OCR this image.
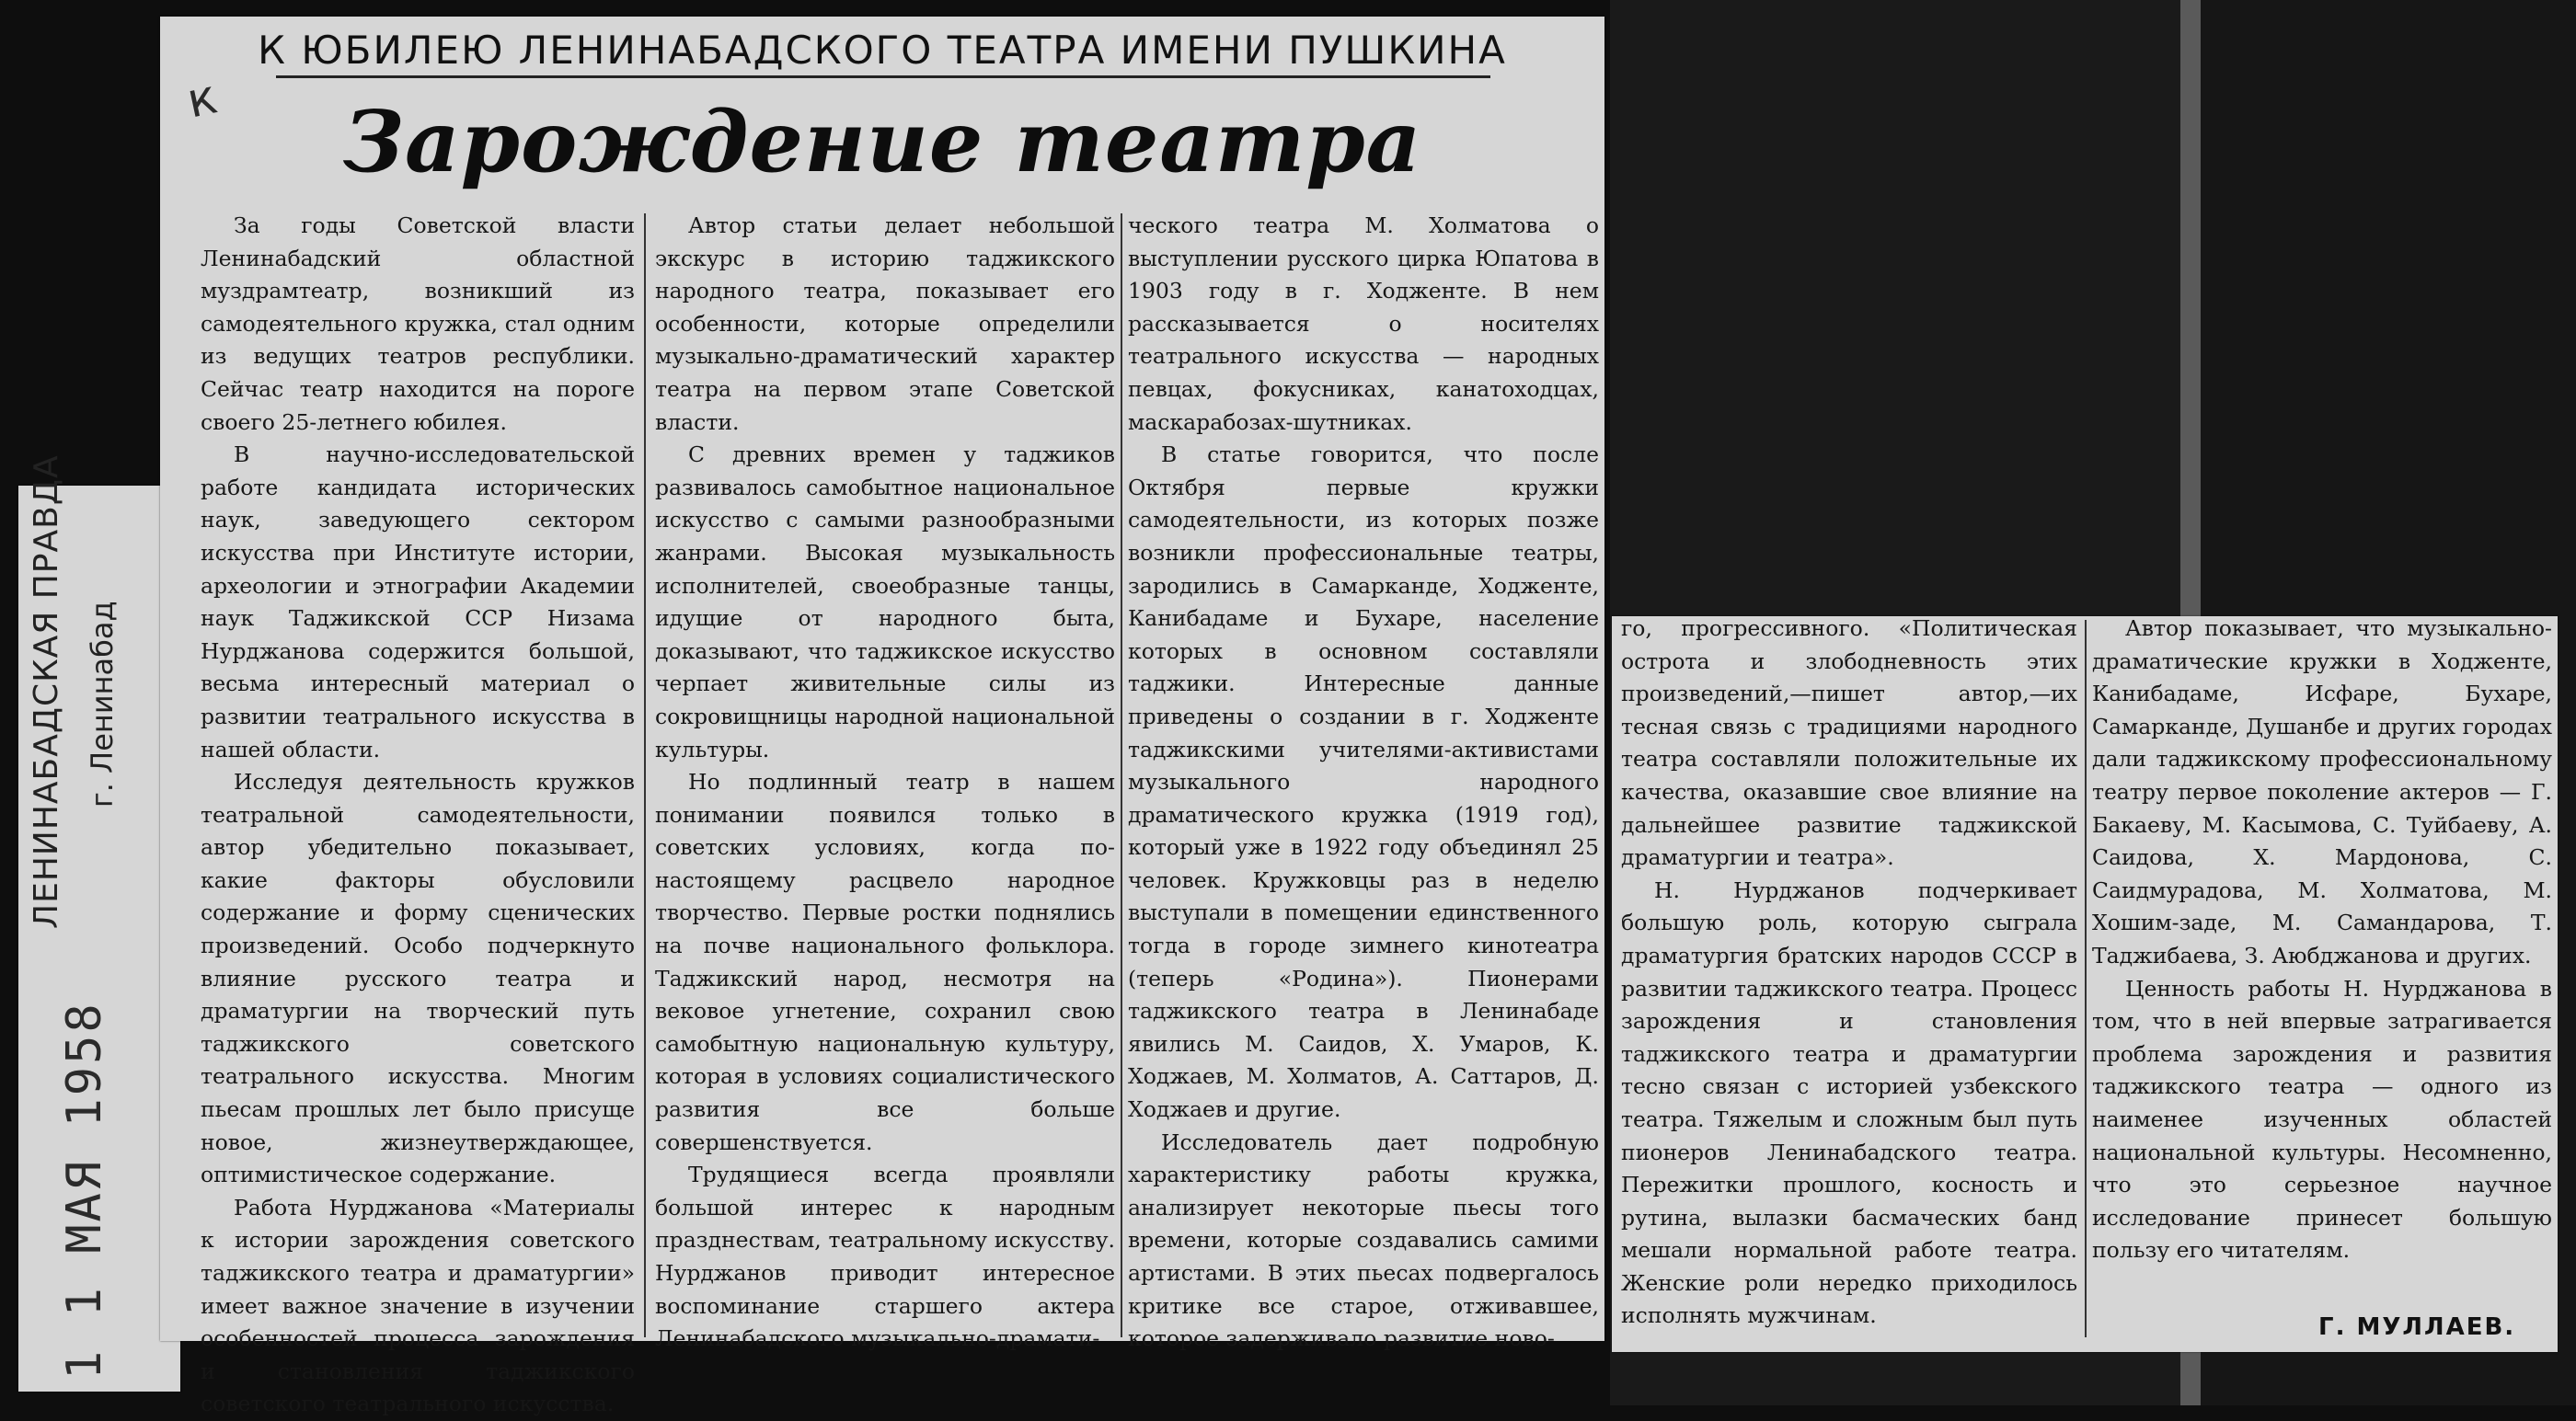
к
К ЮБИЛЕЮ ЛЕНИНАБАДСКОГО ТЕАТРА ИМЕНИ ПУШКИНА
Зарождение театра

За годы Советской власти Ленинабадский областной муздрамтеатр, возникший из самодеятельного кружка, стал одним из ведущих театров республики. Сейчас театр находится на пороге своего 25-летнего юбилея.

В научно-исследовательской работе кандидата исторических наук, заведующего сектором искусства при Институте истории, археологии и этнографии Академии наук Таджикской ССР Низама Нурджанова содержится большой, весьма интересный материал о развитии театрального искусства в нашей области.

Исследуя деятельность кружков театральной самодеятельности, автор убедительно показывает, какие факторы обусловили содержание и форму сценических произведений. Особо подчеркнуто влияние русского театра и драматургии на творческий путь таджикского советского театрального искусства. Многим пьесам прошлых лет было присуще новое, жизнеутверждающее, оптимистическое содержание.

Работа Нурджанова «Материалы к истории зарождения советского таджикского театра и драматургии» имеет важное значение в изучении особенностей процесса зарождения и становления таджикского советского театрального искусства.

Автор статьи делает небольшой экскурс в историю таджикского народного театра, показывает его особенности, которые определили музыкально-драматический характер театра на первом этапе Советской власти.

С древних времен у таджиков развивалось самобытное национальное искусство с самыми разнообразными жанрами. Высокая музыкальность исполнителей, своеобразные танцы, идущие от народного быта, доказывают, что таджикское искусство черпает живительные силы из сокровищницы народной национальной культуры.

Но подлинный театр в нашем понимании появился только в советских условиях, когда по-настоящему расцвело народное творчество. Первые ростки поднялись на почве национального фольклора. Таджикский народ, несмотря на вековое угнетение, сохранил свою самобытную национальную культуру, которая в условиях социалистического развития все больше совершенствуется.

Трудящиеся всегда проявляли большой интерес к народным празднествам, театральному искусству. Нурджанов приводит интересное воспоминание старшего актера Ленинабадского музыкально-драмати-

ческого театра М. Холматова о выступлении русского цирка Юпатова в 1903 году в г. Ходженте. В нем рассказывается о носителях театрального искусства — народных певцах, фокусниках, канатоходцах, маскарабозах-шутниках.

В статье говорится, что после Октября первые кружки самодеятельности, из которых позже возникли профессиональные театры, зародились в Самарканде, Ходженте, Канибадаме и Бухаре, население которых в основном составляли таджики. Интересные данные приведены о создании в г. Ходженте таджикскими учителями-активистами музыкального народного драматического кружка (1919 год), который уже в 1922 году объединял 25 человек. Кружковцы раз в неделю выступали в помещении единственного тогда в городе зимнего кинотеатра (теперь «Родина»). Пионерами таджикского театра в Ленинабаде явились М. Саидов, Х. Умаров, К. Ходжаев, М. Холматов, А. Саттаров, Д. Ходжаев и другие.

Исследователь дает подробную характеристику работы кружка, анализирует некоторые пьесы того времени, которые создавались самими артистами. В этих пьесах подвергалось критике все старое, отживавшее, которое задерживало развитие ново-

го, прогрессивного. «Политическая острота и злободневность этих произведений,—пишет автор,—их тесная связь с традициями народного театра составляли положительные их качества, оказавшие свое влияние на дальнейшее развитие таджикской драматургии и театра».

Н. Нурджанов подчеркивает большую роль, которую сыграла драматургия братских народов СССР в развитии таджикского театра. Процесс зарождения и становления таджикского театра и драматургии тесно связан с историей узбекского театра. Тяжелым и сложным был путь пионеров Ленинабадского театра. Пережитки прошлого, косность и рутина, вылазки басмаческих банд мешали нормальной работе театра. Женские роли нередко приходилось исполнять мужчинам.

Автор показывает, что музыкально-драматические кружки в Ходженте, Канибадаме, Исфаре, Бухаре, Самарканде, Душанбе и других городах дали таджикскому профессиональному театру первое поколение актеров — Г. Бакаеву, М. Касымова, С. Туйбаеву, А. Саидова, Х. Мардонова, С. Саидмурадова, М. Холматова, М. Хошим-заде, М. Самандарова, Т. Таджибаева, З. Аюбджанова и других.

Ценность работы Н. Нурджанова в том, что в ней впервые затрагивается проблема зарождения и развития таджикского театра — одного из наименее изученных областей национальной культуры. Несомненно, что это серьезное научное исследование принесет большую пользу его читателям.

Г. МУЛЛАЕВ.
ЛЕНИНАБАДСКАЯ ПРАВДА г. Ленинабад
1 1 МАЯ 1958
